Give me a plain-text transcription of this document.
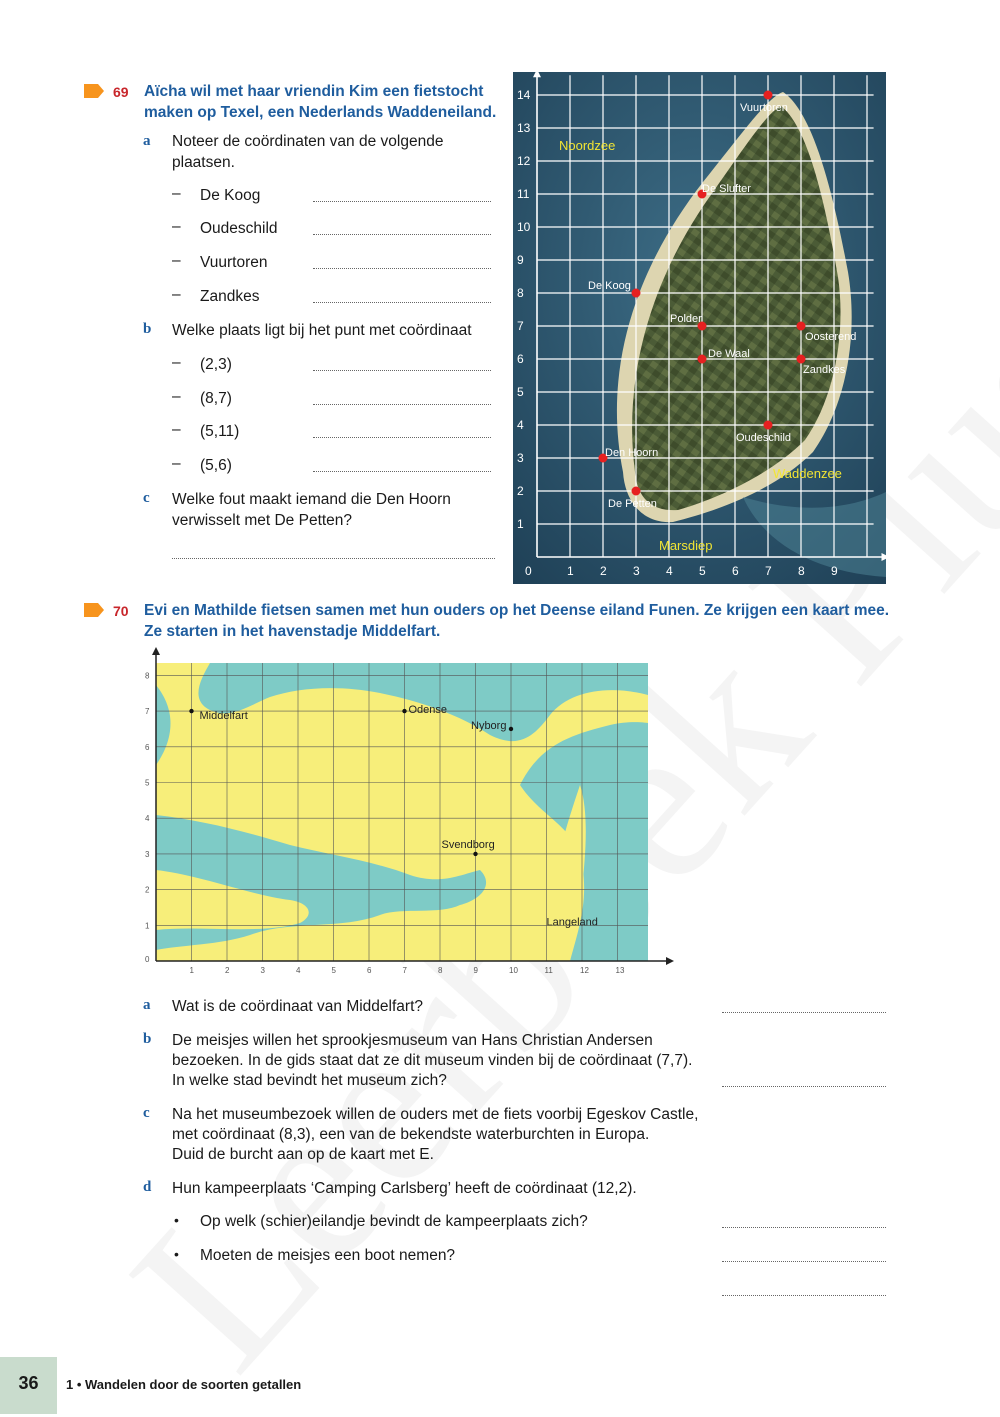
69 Aïcha wil met haar vriendin Kim een fietstocht
maken op Texel, een Nederlands Waddeneiland.
a Noteer de coördinaten van de volgende
plaatsen.
– De Koog
– Oudeschild
– Vuurtoren
– Zandkes
b Welke plaats ligt bij het punt met coördinaat
– (2,3)
– (8,7)
– (5,11)
– (5,6)
c Welke fout maakt iemand die Den Hoorn
verwisselt met De Petten?
1 2 3 4 5 6 7 8 9
1
2
3
4
5
6
7
8
9
10
11
12
13
14
0
Vuurtoren
De Slufter
De Koog
Polder
Oosterend
De Waal
Zandkes
Oudeschild
Den Hoorn
De Petten
Noordzee
Waddenzee
Marsdiep
70 Evi en Mathilde fietsen samen met hun ouders op het Deense eiland Funen. Ze krijgen een kaart mee.
Ze starten in het havenstadje Middelfart.
1	2	3	4	5	6	7	8	9	10	11	12	13
1
2
3
4
5
6
7
8
0
Middelfart	Odense
Nyborg
Svendborg
Langeland
a Wat is de coördinaat van Middelfart?
b De meisjes willen het sprookjesmuseum van Hans Christian Andersen
bezoeken. In de gids staat dat ze dit museum vinden bij de coördinaat (7,7).
In welke stad bevindt het museum zich?
c Na het museumbezoek willen de ouders met de fiets voorbij Egeskov Castle,
met coördinaat (8,3), een van de bekendste waterburchten in Europa.
Duid de burcht aan op de kaart met E.
d Hun kampeerplaats ‘Camping Carlsberg’ heeft de coördinaat (12,2).
• Op welk (schier)eilandje bevindt de kampeerplaats zich?
• Moeten de meisjes een boot nemen?
36	1 • Wandelen door de soorten getallen
